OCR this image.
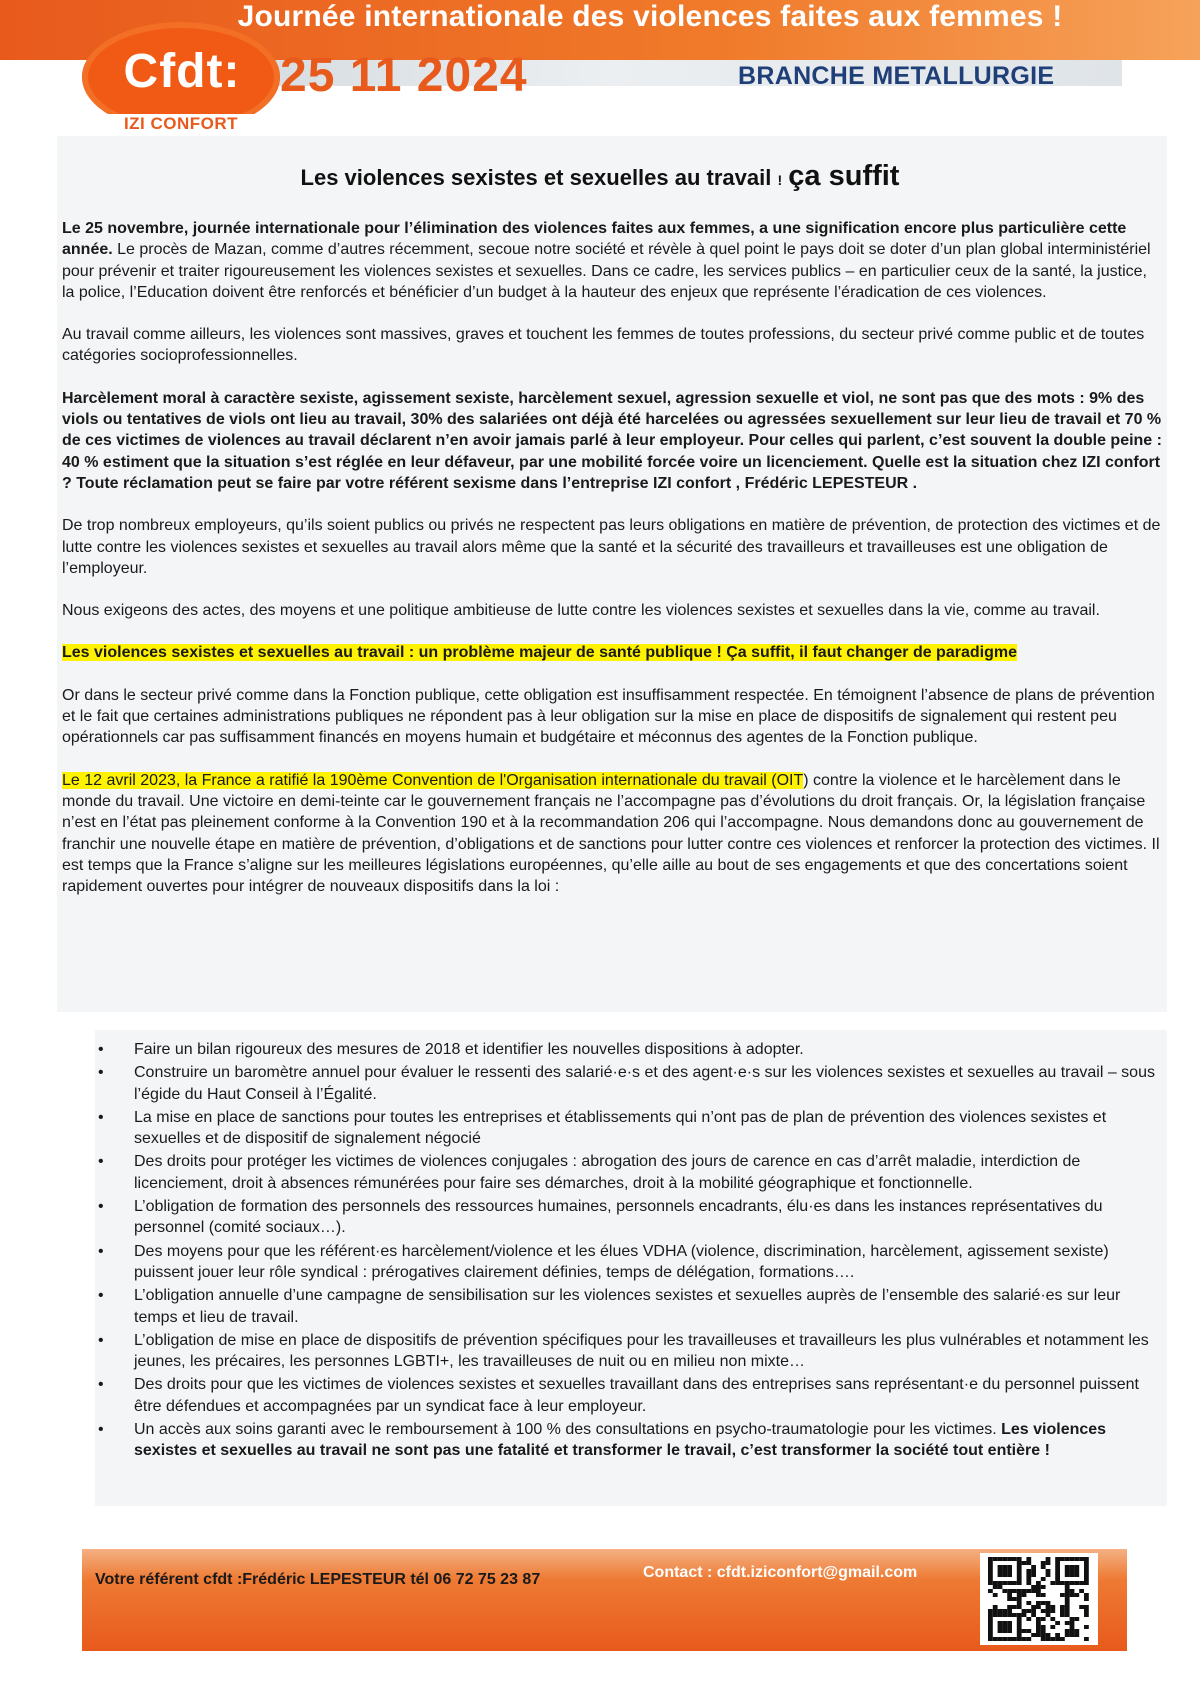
Journée internationale des violences faites aux femmes !
Cfdt:
IZI CONFORT
25 11 2024	BRANCHE METALLURGIE
Les violences sexistes et sexuelles au travail ! ça suffit

Le 25 novembre, journée internationale pour l’élimination des violences faites aux femmes, a une signification encore plus particulière cette année. Le procès de Mazan, comme d’autres récemment, secoue notre société et révèle à quel point le pays doit se doter d’un plan global interministériel pour prévenir et traiter rigoureusement les violences sexistes et sexuelles. Dans ce cadre, les services publics – en particulier ceux de la santé, la justice, la police, l’Education doivent être renforcés et bénéficier d’un budget à la hauteur des enjeux que représente l’éradication de ces violences.

Au travail comme ailleurs, les violences sont massives, graves et touchent les femmes de toutes professions, du secteur privé comme public et de toutes catégories socioprofessionnelles.

Harcèlement moral à caractère sexiste, agissement sexiste, harcèlement sexuel, agression sexuelle et viol, ne sont pas que des mots : 9% des viols ou tentatives de viols ont lieu au travail, 30% des salariées ont déjà été harcelées ou agressées sexuellement sur leur lieu de travail et 70 % de ces victimes de violences au travail déclarent n’en avoir jamais parlé à leur employeur. Pour celles qui parlent, c’est souvent la double peine : 40 % estiment que la situation s’est réglée en leur défaveur, par une mobilité forcée voire un licenciement. Quelle est la situation chez IZI confort ? Toute réclamation peut se faire par votre référent sexisme dans l’entreprise IZI confort , Frédéric LEPESTEUR .

De trop nombreux employeurs, qu’ils soient publics ou privés ne respectent pas leurs obligations en matière de prévention, de protection des victimes et de lutte contre les violences sexistes et sexuelles au travail alors même que la santé et la sécurité des travailleurs et travailleuses est une obligation de l’employeur.

Nous exigeons des actes, des moyens et une politique ambitieuse de lutte contre les violences sexistes et sexuelles dans la vie, comme au travail.

Les violences sexistes et sexuelles au travail : un problème majeur de santé publique ! Ça suffit, il faut changer de paradigme

Or dans le secteur privé comme dans la Fonction publique, cette obligation est insuffisamment respectée. En témoignent l’absence de plans de prévention et le fait que certaines administrations publiques ne répondent pas à leur obligation sur la mise en place de dispositifs de signalement qui restent peu opérationnels car pas suffisamment financés en moyens humain et budgétaire et méconnus des agentes de la Fonction publique.

Le 12 avril 2023, la France a ratifié la 190ème Convention de l'Organisation internationale du travail (OIT) contre la violence et le harcèlement dans le monde du travail. Une victoire en demi-teinte car le gouvernement français ne l’accompagne pas d’évolutions du droit français. Or, la législation française n’est en l’état pas pleinement conforme à la Convention 190 et à la recommandation 206 qui l’accompagne. Nous demandons donc au gouvernement de franchir une nouvelle étape en matière de prévention, d’obligations et de sanctions pour lutter contre ces violences et renforcer la protection des victimes. Il est temps que la France s’aligne sur les meilleures législations européennes, qu’elle aille au bout de ses engagements et que des concertations soient rapidement ouvertes pour intégrer de nouveaux dispositifs dans la loi :

• Faire un bilan rigoureux des mesures de 2018 et identifier les nouvelles dispositions à adopter.
• Construire un baromètre annuel pour évaluer le ressenti des salarié·e·s et des agent·e·s sur les violences sexistes et sexuelles au travail – sous l’égide du Haut Conseil à l’Égalité.
• La mise en place de sanctions pour toutes les entreprises et établissements qui n’ont pas de plan de prévention des violences sexistes et sexuelles et de dispositif de signalement négocié
• Des droits pour protéger les victimes de violences conjugales : abrogation des jours de carence en cas d’arrêt maladie, interdiction de licenciement, droit à absences rémunérées pour faire ses démarches, droit à la mobilité géographique et fonctionnelle.
• L’obligation de formation des personnels des ressources humaines, personnels encadrants, élu·es dans les instances représentatives du personnel (comité sociaux…).
• Des moyens pour que les référent·es harcèlement/violence et les élues VDHA (violence, discrimination, harcèlement, agissement sexiste) puissent jouer leur rôle syndical : prérogatives clairement définies, temps de délégation, formations….
• L’obligation annuelle d’une campagne de sensibilisation sur les violences sexistes et sexuelles auprès de l’ensemble des salarié·es sur leur temps et lieu de travail.
• L’obligation de mise en place de dispositifs de prévention spécifiques pour les travailleuses et travailleurs les plus vulnérables et notamment les jeunes, les précaires, les personnes LGBTI+, les travailleuses de nuit ou en milieu non mixte…
• Des droits pour que les victimes de violences sexistes et sexuelles travaillant dans des entreprises sans représentant·e du personnel puissent être défendues et accompagnées par un syndicat face à leur employeur.
• Un accès aux soins garanti avec le remboursement à 100 % des consultations en psycho-traumatologie pour les victimes. Les violences sexistes et sexuelles au travail ne sont pas une fatalité et transformer le travail, c’est transformer la société tout entière !
Votre référent cfdt :Frédéric LEPESTEUR tél 06 72 75 23 87	Contact : cfdt.iziconfort@gmail.com
